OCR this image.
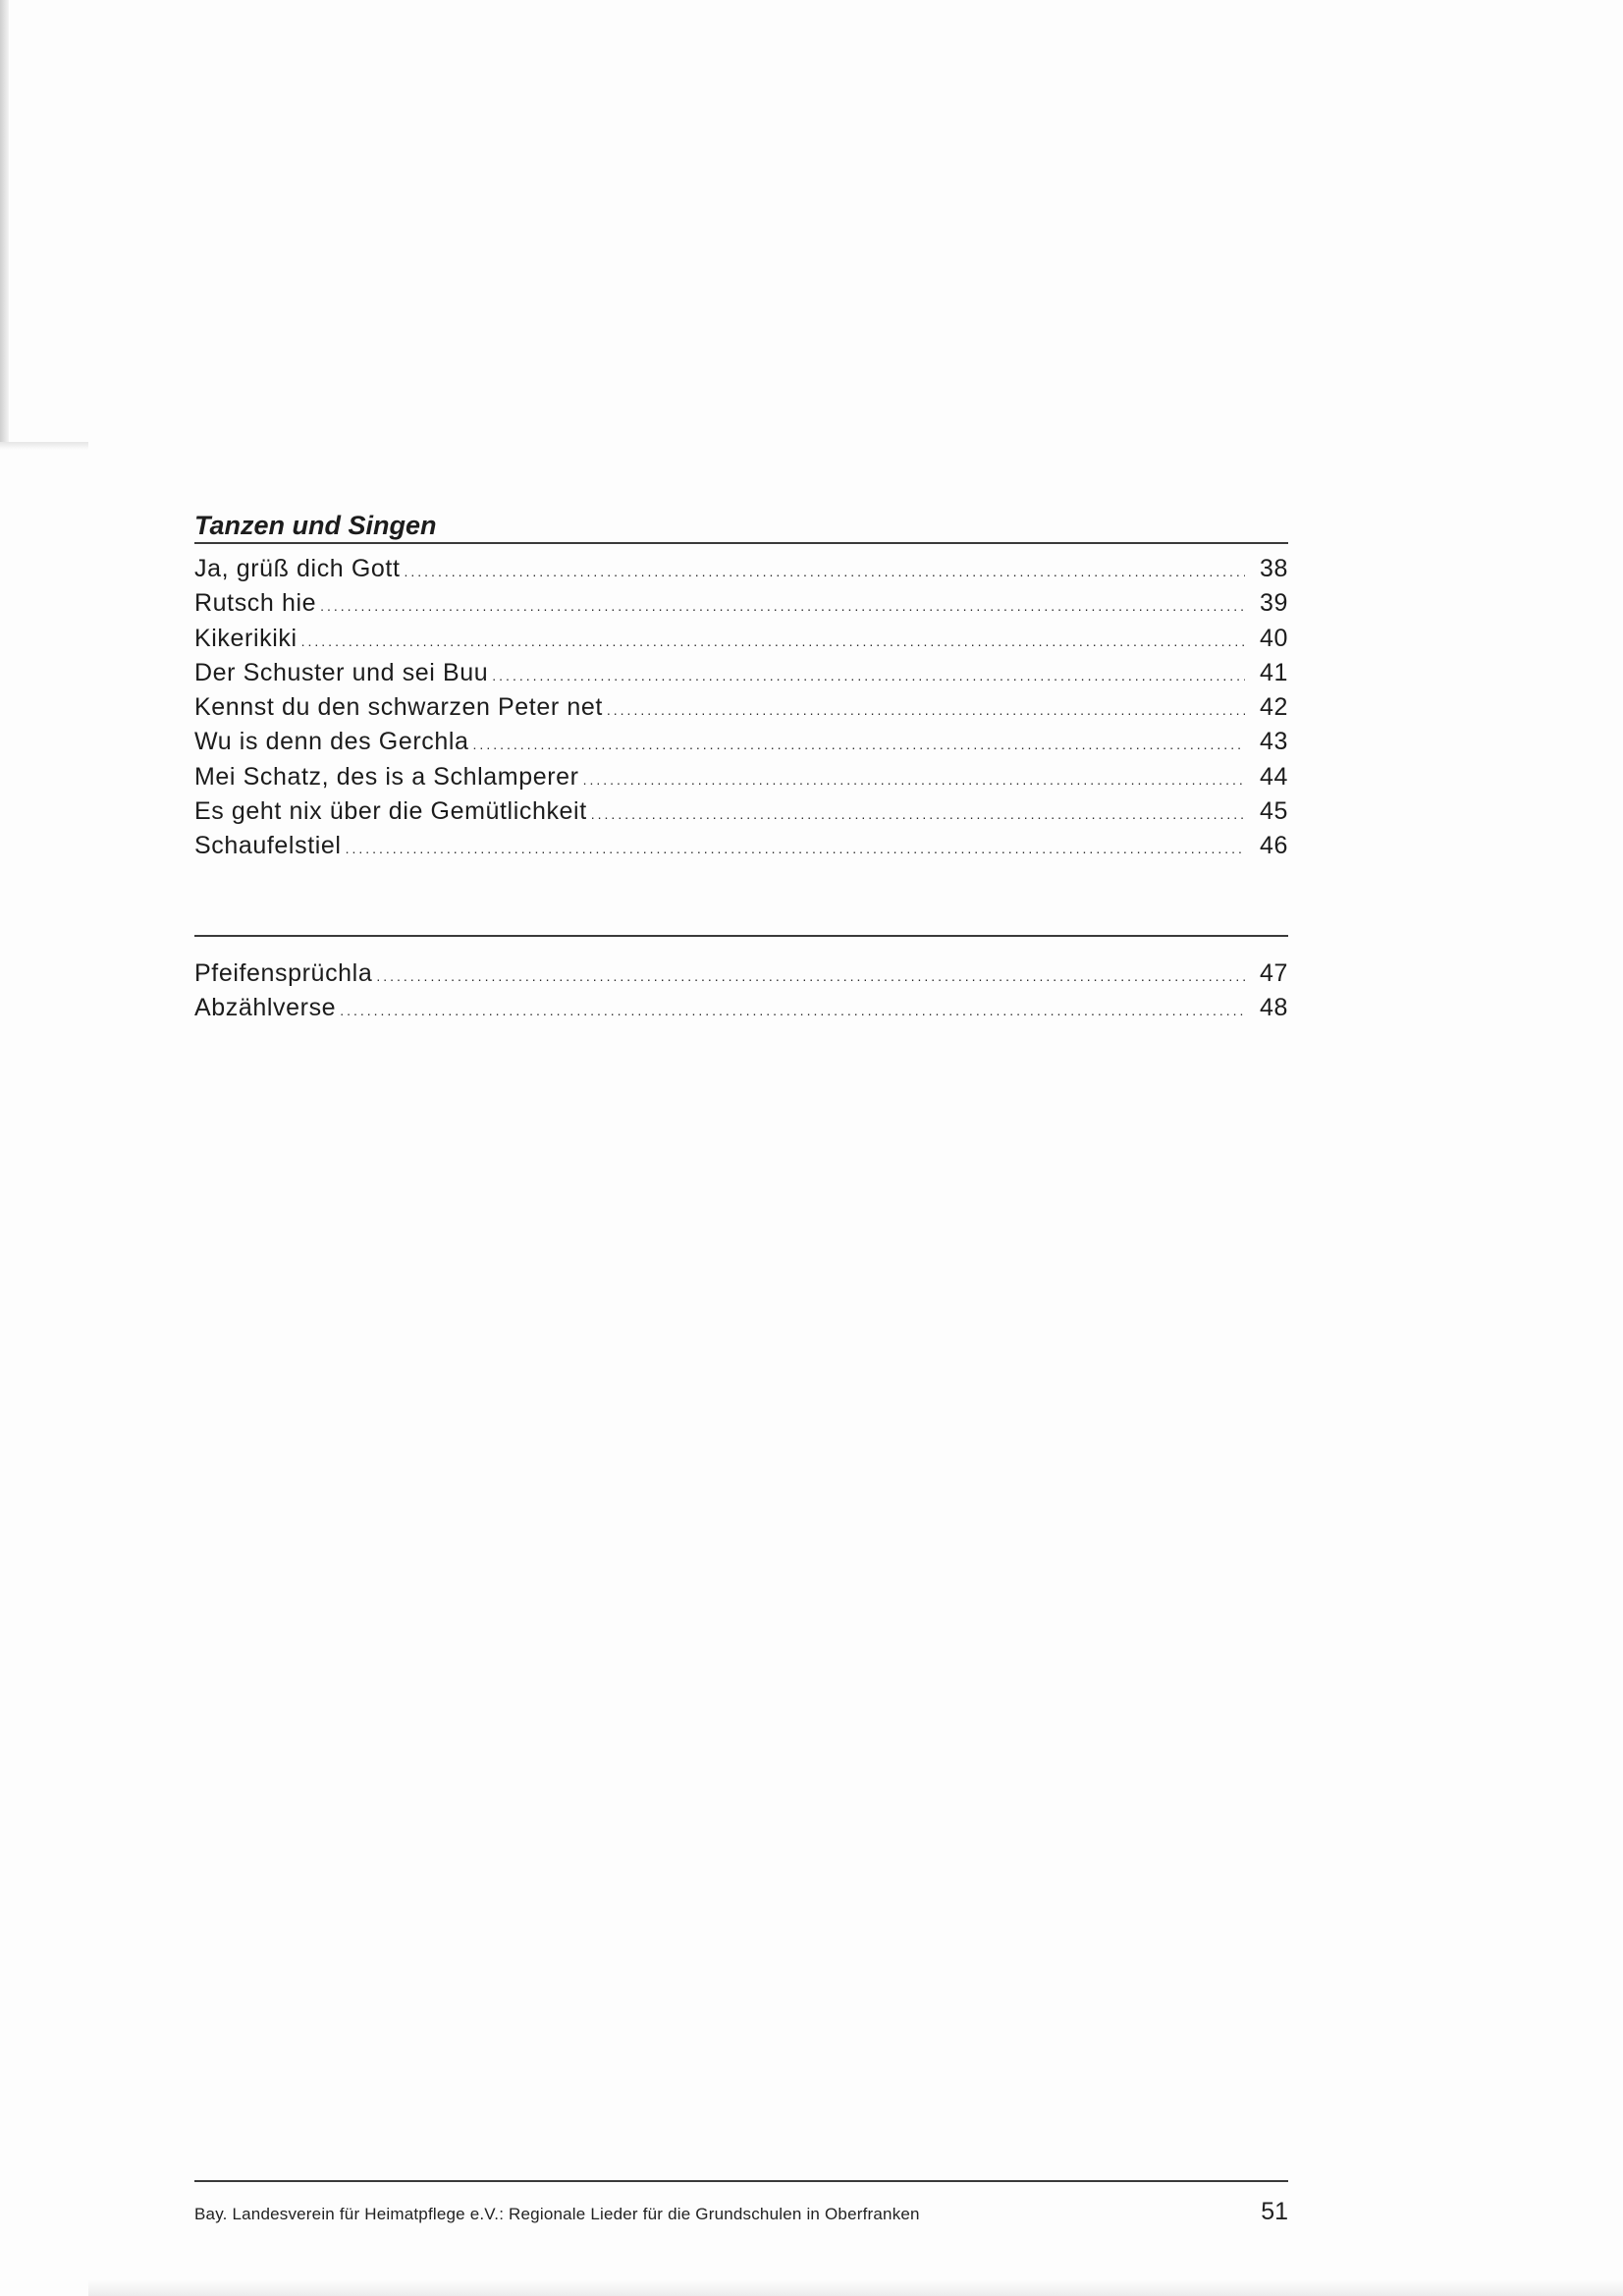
Tanzen und Singen
Ja, grüß dich Gott .....	38
Rutsch hie .....	39
Kikerikiki .....	40
Der Schuster und sei Buu .....	41
Kennst du den schwarzen Peter net .....	42
Wu is denn des Gerchla .....	43
Mei Schatz, des is a Schlamperer .....	44
Es geht nix über die Gemütlichkeit .....	45
Schaufelstiel .....	46
Pfeifensprüchla .....	47
Abzählverse .....	48
Bay. Landesverein für Heimatpflege e.V.: Regionale Lieder für die Grundschulen in Oberfranken	51
